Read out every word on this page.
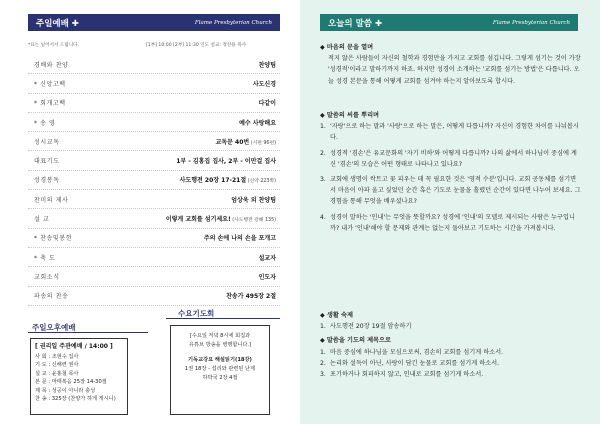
주일예배 ✚	Flame Presbyterian Church
*표는 일어서서 드립니다.	[1부] 10:00 [2부] 11:30 인도 설교: 정찬용 목사
경배와 찬양	찬양팀
* 신앙고백	사도신경
* 회개고백	다같이
* 송 영	예수 사랑해요
성시교독	교독문 40번 (시편 96편)
대표기도	1부 - 김홍집 집사, 2부 - 이만걸 집사
성경봉독	사도행전 20장 17-21절 (신약 223쪽)
찬미의 제사	엄상욱 외 찬양팀
설 교	이렇게 교회를 섬기세요! (사도행전 강해 135)
* 찬송및봉헌	주의 손에 나의 손을 포개고
* 축 도	설교자
교회소식	인도자
파송의 찬송	찬송가 495장 2절
주일오후예배
[ 권리일 주관예배 / 14:00 ]
사 회 : 조현수 집사
기 도 : 신해련 권사
설 교 : 윤홍철 목사
본 문 : 마태복음 25장 14-30절
제 목 : 성공이 아니라 충성
찬 송 : 325장 (찬양가 하게 게시니)
수요기도회
[수요일 저녁 8시에 회집과
유튜브 방송을 병행합니다.]
기독교강요 해설읽기(18강)
1권 18장 - 섭리와 관련된 난제
하박국 2장 4절
오늘의 말씀 ✚	Flame Presbyterian Church
◆ 마음의 문을 열며
적지 않은 사람들이 자신의 철학과 경험만을 가지고 교회를 섬깁니다. 그렇게 섬기는 것이 가장 '성경적'이라고 말하기까지 하죠. 하지만 성경이 소개하는 '교회를 섬기는 방법'은 다릅니다. 오늘 성경 본문을 통해 어떻게 교회를 섬겨야 하는지 알아보도록 합시다.
◆ 말씀의 씨를 뿌리며
1. '자랑'으로 하는 말과 '사랑'으로 하는 말은, 어떻게 다릅니까? 자신이 경험한 차이를 나눠봅시다.
2. 성경적 '겸손'은 유교문화의 '자기 비하'와 어떻게 다릅니까? 나의 삶에서 하나님이 중심에 계신 '겸손'의 모습은 어떤 형태로 나타나고 있나요?
3. 교회에 생명이 싹트고 꽃 피우는 데 꼭 필요한 것은 '영적 수분'입니다. 교회 공동체를 섬기면서 마음이 아파 울고 싶었던 순간 혹은 기도로 눈물을 흘렸던 순간이 있다면 나누어 보세요. 그 경험을 통해 무엇을 배우셨나요?
4. 성경이 말하는 '인내'는 무엇을 뜻할까요? 성경에 '인내'의 모델로 제시되는 사람은 누구입니까? 내가 '인내'해야 할 문제와 관계는 없는지 돌아보고 기도하는 시간을 가져봅시다.
◆ 생활 숙제
1. 사도행전 20장 19절 암송하기
◆ 말씀을 기도의 제목으로
1. 마음 중심에 하나님을 모심으로써, 겸손히 교회를 섬기게 하소서.
2. 논리와 설득이 아닌, 사랑이 담긴 눈물로 교회를 섬기게 하소서.
3. 포기하거나 회피하지 않고, 인내로 교회를 섬기게 하소서.
